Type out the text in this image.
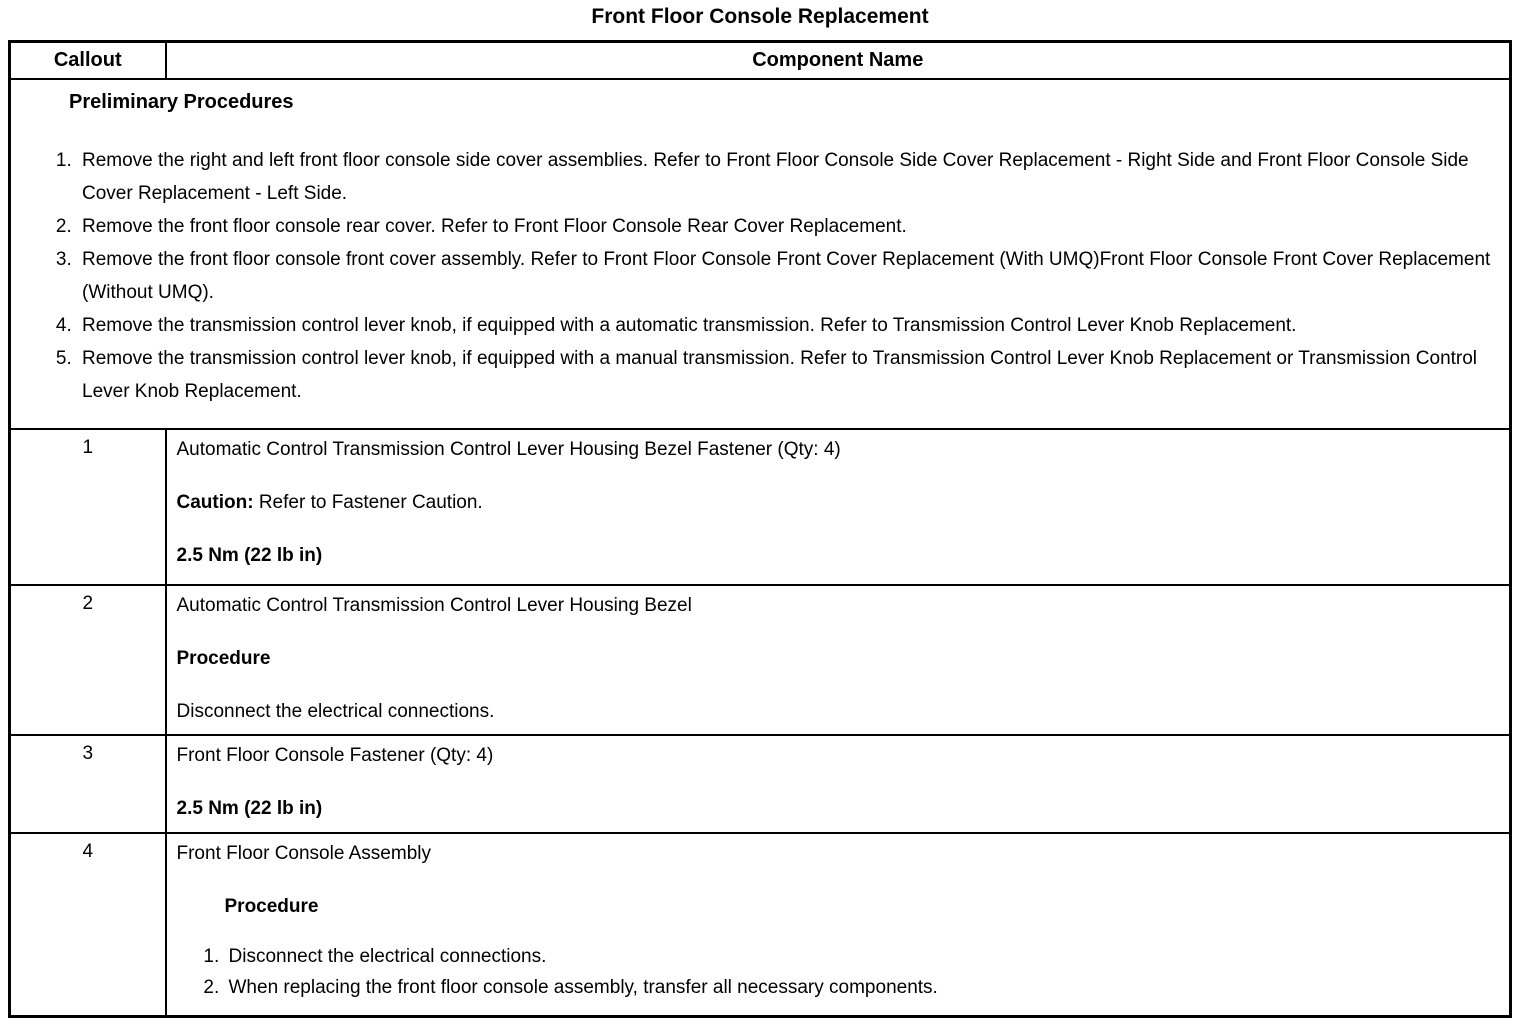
Front Floor Console Replacement
Callout	Component Name

Preliminary Procedures
1. Remove the right and left front floor console side cover assemblies. Refer to Front Floor Console Side Cover Replacement - Right Side and Front Floor Console Side Cover Replacement - Left Side.
2. Remove the front floor console rear cover. Refer to Front Floor Console Rear Cover Replacement.
3. Remove the front floor console front cover assembly. Refer to Front Floor Console Front Cover Replacement (With UMQ)Front Floor Console Front Cover Replacement (Without UMQ).
4. Remove the transmission control lever knob, if equipped with a automatic transmission. Refer to Transmission Control Lever Knob Replacement.
5. Remove the transmission control lever knob, if equipped with a manual transmission. Refer to Transmission Control Lever Knob Replacement or Transmission Control Lever Knob Replacement.

1	Automatic Control Transmission Control Lever Housing Bezel Fastener (Qty: 4)
Caution: Refer to Fastener Caution.
2.5 Nm (22 lb in)

2	Automatic Control Transmission Control Lever Housing Bezel
Procedure
Disconnect the electrical connections.

3	Front Floor Console Fastener (Qty: 4)
2.5 Nm (22 lb in)

4	Front Floor Console Assembly
Procedure
1. Disconnect the electrical connections.
2. When replacing the front floor console assembly, transfer all necessary components.
